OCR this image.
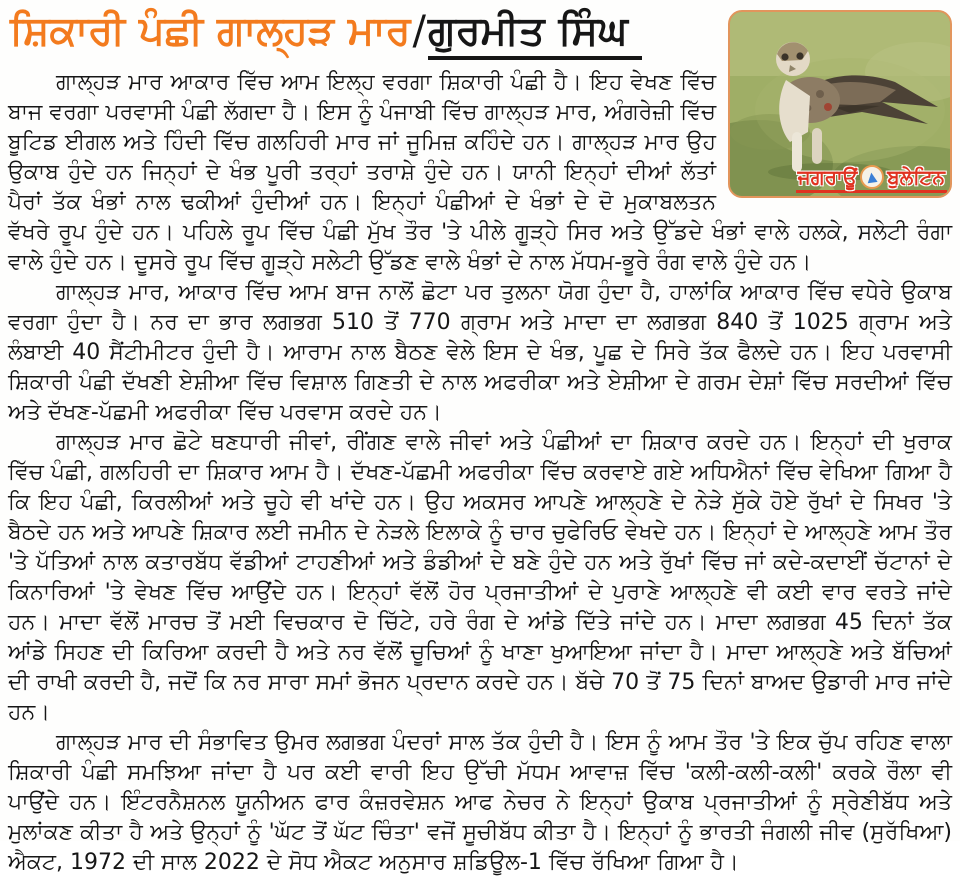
ਜਗਰਾਊਂ ▲ ਬੁਲੇਟਿਨ
ਸ਼ਿਕਾਰੀ ਪੰਛੀ ਗਾਲ੍ਹੜ ਮਾਰ/ਗੁਰਮੀਤ ਸਿੰਘ

ਗਾਲ੍ਹੜ ਮਾਰ ਆਕਾਰ ਵਿੱਚ ਆਮ ਇਲ੍ਹ ਵਰਗਾ ਸ਼ਿਕਾਰੀ ਪੰਛੀ ਹੈ। ਇਹ ਵੇਖਣ ਵਿੱਚ ਬਾਜ ਵਰਗਾ ਪਰਵਾਸੀ ਪੰਛੀ ਲੱਗਦਾ ਹੈ। ਇਸ ਨੂੰ ਪੰਜਾਬੀ ਵਿੱਚ ਗਾਲ੍ਹੜ ਮਾਰ, ਅੰਗਰੇਜ਼ੀ ਵਿੱਚ ਬੂਟਿਡ ਈਗਲ ਅਤੇ ਹਿੰਦੀ ਵਿੱਚ ਗਲਹਿਰੀ ਮਾਰ ਜਾਂ ਜੂਮਿਜ਼ ਕਹਿੰਦੇ ਹਨ। ਗਾਲ੍ਹੜ ਮਾਰ ਉਹ ਉਕਾਬ ਹੁੰਦੇ ਹਨ ਜਿਨ੍ਹਾਂ ਦੇ ਖੰਭ ਪੂਰੀ ਤਰ੍ਹਾਂ ਤਰਾਸ਼ੇ ਹੁੰਦੇ ਹਨ। ਯਾਨੀ ਇਨ੍ਹਾਂ ਦੀਆਂ ਲੱਤਾਂ ਪੈਰਾਂ ਤੱਕ ਖੰਭਾਂ ਨਾਲ ਢਕੀਆਂ ਹੁੰਦੀਆਂ ਹਨ। ਇਨ੍ਹਾਂ ਪੰਛੀਆਂ ਦੇ ਖੰਭਾਂ ਦੇ ਦੋ ਮੁਕਾਬਲਤਨ ਵੱਖਰੇ ਰੂਪ ਹੁੰਦੇ ਹਨ। ਪਹਿਲੇ ਰੂਪ ਵਿੱਚ ਪੰਛੀ ਮੁੱਖ ਤੌਰ 'ਤੇ ਪੀਲੇ ਗੂੜ੍ਹੇ ਸਿਰ ਅਤੇ ਉੱਡਦੇ ਖੰਭਾਂ ਵਾਲੇ ਹਲਕੇ, ਸਲੇਟੀ ਰੰਗਾ ਵਾਲੇ ਹੁੰਦੇ ਹਨ। ਦੂਸਰੇ ਰੂਪ ਵਿੱਚ ਗੂੜ੍ਹੇ ਸਲੇਟੀ ਉੱਡਣ ਵਾਲੇ ਖੰਭਾਂ ਦੇ ਨਾਲ ਮੱਧਮ-ਭੂਰੇ ਰੰਗ ਵਾਲੇ ਹੁੰਦੇ ਹਨ।

ਗਾਲ੍ਹੜ ਮਾਰ, ਆਕਾਰ ਵਿੱਚ ਆਮ ਬਾਜ ਨਾਲੋਂ ਛੋਟਾ ਪਰ ਤੁਲਨਾ ਯੋਗ ਹੁੰਦਾ ਹੈ, ਹਾਲਾਂਕਿ ਆਕਾਰ ਵਿੱਚ ਵਧੇਰੇ ਉਕਾਬ ਵਰਗਾ ਹੁੰਦਾ ਹੈ। ਨਰ ਦਾ ਭਾਰ ਲਗਭਗ 510 ਤੋਂ 770 ਗ੍ਰਾਮ ਅਤੇ ਮਾਦਾ ਦਾ ਲਗਭਗ 840 ਤੋਂ 1025 ਗ੍ਰਾਮ ਅਤੇ ਲੰਬਾਈ 40 ਸੈਂਟੀਮੀਟਰ ਹੁੰਦੀ ਹੈ। ਆਰਾਮ ਨਾਲ ਬੈਠਣ ਵੇਲੇ ਇਸ ਦੇ ਖੰਭ, ਪੂਛ ਦੇ ਸਿਰੇ ਤੱਕ ਫੈਲਦੇ ਹਨ। ਇਹ ਪਰਵਾਸੀ ਸ਼ਿਕਾਰੀ ਪੰਛੀ ਦੱਖਣੀ ਏਸ਼ੀਆ ਵਿੱਚ ਵਿਸ਼ਾਲ ਗਿਣਤੀ ਦੇ ਨਾਲ ਅਫਰੀਕਾ ਅਤੇ ਏਸ਼ੀਆ ਦੇ ਗਰਮ ਦੇਸ਼ਾਂ ਵਿੱਚ ਸਰਦੀਆਂ ਵਿੱਚ ਅਤੇ ਦੱਖਣ-ਪੱਛਮੀ ਅਫਰੀਕਾ ਵਿੱਚ ਪਰਵਾਸ ਕਰਦੇ ਹਨ।

ਗਾਲ੍ਹੜ ਮਾਰ ਛੋਟੇ ਥਣਧਾਰੀ ਜੀਵਾਂ, ਰੀਂਗਣ ਵਾਲੇ ਜੀਵਾਂ ਅਤੇ ਪੰਛੀਆਂ ਦਾ ਸ਼ਿਕਾਰ ਕਰਦੇ ਹਨ। ਇਨ੍ਹਾਂ ਦੀ ਖੁਰਾਕ ਵਿੱਚ ਪੰਛੀ, ਗਲਹਿਰੀ ਦਾ ਸ਼ਿਕਾਰ ਆਮ ਹੈ। ਦੱਖਣ-ਪੱਛਮੀ ਅਫਰੀਕਾ ਵਿੱਚ ਕਰਵਾਏ ਗਏ ਅਧਿਐਨਾਂ ਵਿੱਚ ਵੇਖਿਆ ਗਿਆ ਹੈ ਕਿ ਇਹ ਪੰਛੀ, ਕਿਰਲੀਆਂ ਅਤੇ ਚੂਹੇ ਵੀ ਖਾਂਦੇ ਹਨ। ਉਹ ਅਕਸਰ ਆਪਣੇ ਆਲ੍ਹਣੇ ਦੇ ਨੇੜੇ ਸੁੱਕੇ ਹੋਏ ਰੁੱਖਾਂ ਦੇ ਸਿਖਰ 'ਤੇ ਬੈਠਦੇ ਹਨ ਅਤੇ ਆਪਣੇ ਸ਼ਿਕਾਰ ਲਈ ਜਮੀਨ ਦੇ ਨੇੜਲੇ ਇਲਾਕੇ ਨੂੰ ਚਾਰ ਚੁਫੇਰਿਓ ਵੇਖਦੇ ਹਨ। ਇਨ੍ਹਾਂ ਦੇ ਆਲ੍ਹਣੇ ਆਮ ਤੌਰ 'ਤੇ ਪੱਤਿਆਂ ਨਾਲ ਕਤਾਰਬੱਧ ਵੱਡੀਆਂ ਟਾਹਣੀਆਂ ਅਤੇ ਡੰਡੀਆਂ ਦੇ ਬਣੇ ਹੁੰਦੇ ਹਨ ਅਤੇ ਰੁੱਖਾਂ ਵਿੱਚ ਜਾਂ ਕਦੇ-ਕਦਾਈਂ ਚੱਟਾਨਾਂ ਦੇ ਕਿਨਾਰਿਆਂ 'ਤੇ ਵੇਖਣ ਵਿੱਚ ਆਉਂਦੇ ਹਨ। ਇਨ੍ਹਾਂ ਵੱਲੋਂ ਹੋਰ ਪ੍ਰਜਾਤੀਆਂ ਦੇ ਪੁਰਾਣੇ ਆਲ੍ਹਣੇ ਵੀ ਕਈ ਵਾਰ ਵਰਤੇ ਜਾਂਦੇ ਹਨ। ਮਾਦਾ ਵੱਲੋਂ ਮਾਰਚ ਤੋਂ ਮਈ ਵਿਚਕਾਰ ਦੋ ਚਿੱਟੇ, ਹਰੇ ਰੰਗ ਦੇ ਆਂਡੇ ਦਿੱਤੇ ਜਾਂਦੇ ਹਨ। ਮਾਦਾ ਲਗਭਗ 45 ਦਿਨਾਂ ਤੱਕ ਆਂਡੇ ਸਿਹਣ ਦੀ ਕਿਰਿਆ ਕਰਦੀ ਹੈ ਅਤੇ ਨਰ ਵੱਲੋਂ ਚੂਚਿਆਂ ਨੂੰ ਖਾਣਾ ਖੁਆਇਆ ਜਾਂਦਾ ਹੈ। ਮਾਦਾ ਆਲ੍ਹਣੇ ਅਤੇ ਬੱਚਿਆਂ ਦੀ ਰਾਖੀ ਕਰਦੀ ਹੈ, ਜਦੋਂ ਕਿ ਨਰ ਸਾਰਾ ਸਮਾਂ ਭੋਜਨ ਪ੍ਰਦਾਨ ਕਰਦੇ ਹਨ। ਬੱਚੇ 70 ਤੋਂ 75 ਦਿਨਾਂ ਬਾਅਦ ਉਡਾਰੀ ਮਾਰ ਜਾਂਦੇ ਹਨ।

ਗਾਲ੍ਹੜ ਮਾਰ ਦੀ ਸੰਭਾਵਿਤ ਉਮਰ ਲਗਭਗ ਪੰਦਰਾਂ ਸਾਲ ਤੱਕ ਹੁੰਦੀ ਹੈ। ਇਸ ਨੂੰ ਆਮ ਤੌਰ 'ਤੇ ਇਕ ਚੁੱਪ ਰਹਿਣ ਵਾਲਾ ਸ਼ਿਕਾਰੀ ਪੰਛੀ ਸਮਝਿਆ ਜਾਂਦਾ ਹੈ ਪਰ ਕਈ ਵਾਰੀ ਇਹ ਉੱਚੀ ਮੱਧਮ ਆਵਾਜ਼ ਵਿੱਚ 'ਕਲੀ-ਕਲੀ-ਕਲੀ' ਕਰਕੇ ਰੌਲਾ ਵੀ ਪਾਉਂਦੇ ਹਨ। ਇੰਟਰਨੈਸ਼ਨਲ ਯੂਨੀਅਨ ਫਾਰ ਕੰਜ਼ਰਵੇਸ਼ਨ ਆਫ ਨੇਚਰ ਨੇ ਇਨ੍ਹਾਂ ਉਕਾਬ ਪ੍ਰਜਾਤੀਆਂ ਨੂੰ ਸ੍ਰੇਣੀਬੱਧ ਅਤੇ ਮੁਲਾਂਕਣ ਕੀਤਾ ਹੈ ਅਤੇ ਉਨ੍ਹਾਂ ਨੂੰ 'ਘੱਟ ਤੋਂ ਘੱਟ ਚਿੰਤਾ' ਵਜੋਂ ਸੂਚੀਬੱਧ ਕੀਤਾ ਹੈ। ਇਨ੍ਹਾਂ ਨੂੰ ਭਾਰਤੀ ਜੰਗਲੀ ਜੀਵ (ਸੁਰੱਖਿਆ) ਐਕਟ, 1972 ਦੀ ਸਾਲ 2022 ਦੇ ਸੋਧ ਐਕਟ ਅਨੁਸਾਰ ਸ਼ਡਿਊਲ-1 ਵਿੱਚ ਰੱਖਿਆ ਗਿਆ ਹੈ।
